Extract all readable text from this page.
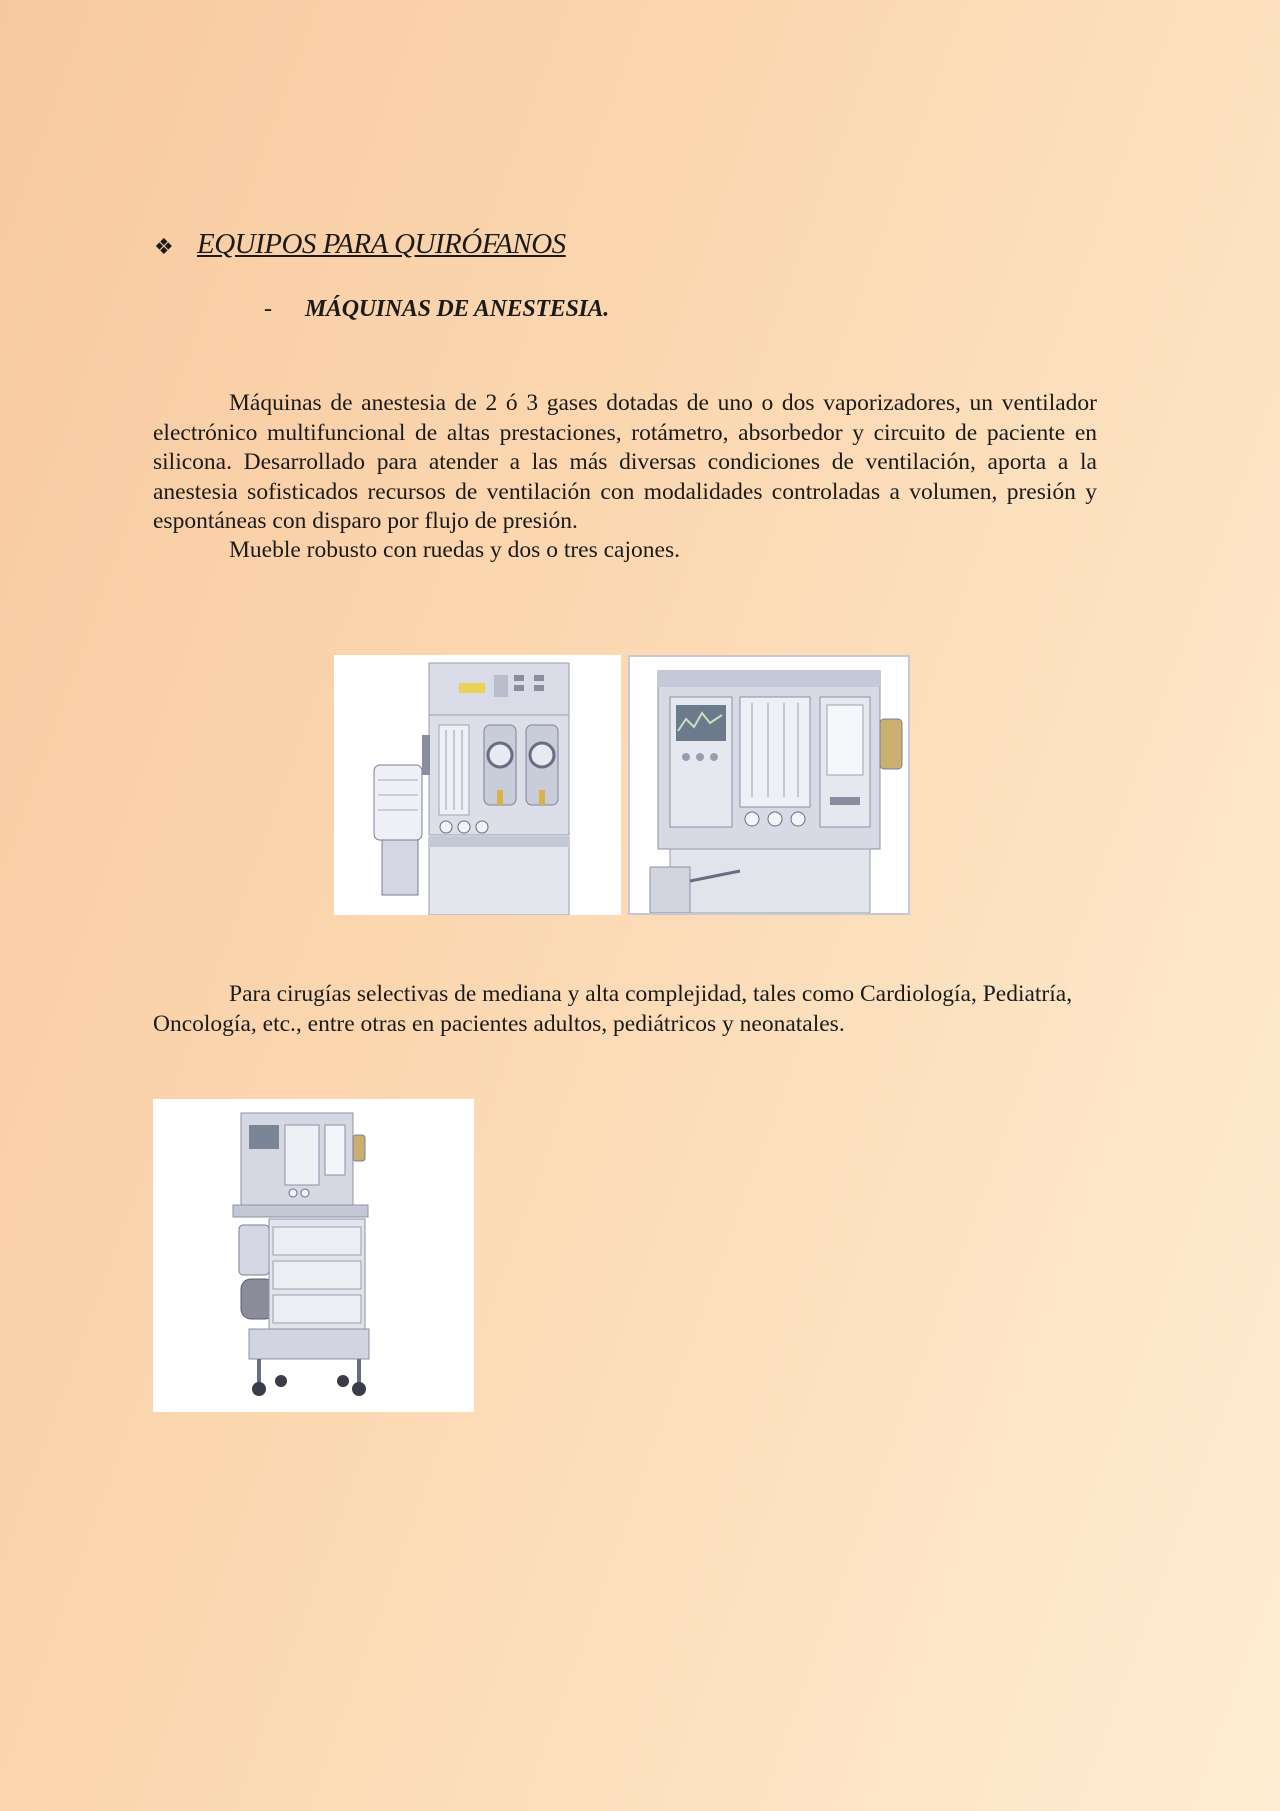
❖ EQUIPOS PARA QUIRÓFANOS
- MÁQUINAS DE ANESTESIA.
Máquinas de anestesia de 2 ó 3 gases dotadas de uno o dos vaporizadores, un ventilador electrónico multifuncional de altas prestaciones, rotámetro, absorbedor y circuito de paciente en silicona. Desarrollado para atender a las más diversas condiciones de ventilación, aporta a la anestesia sofisticados recursos de ventilación con modalidades controladas a volumen, presión y espontáneas con disparo por flujo de presión.
Mueble robusto con ruedas y dos o tres cajones.
Para cirugías selectivas de mediana y alta complejidad, tales como Cardiología, Pediatría, Oncología, etc., entre otras en pacientes adultos, pediátricos y neonatales.
